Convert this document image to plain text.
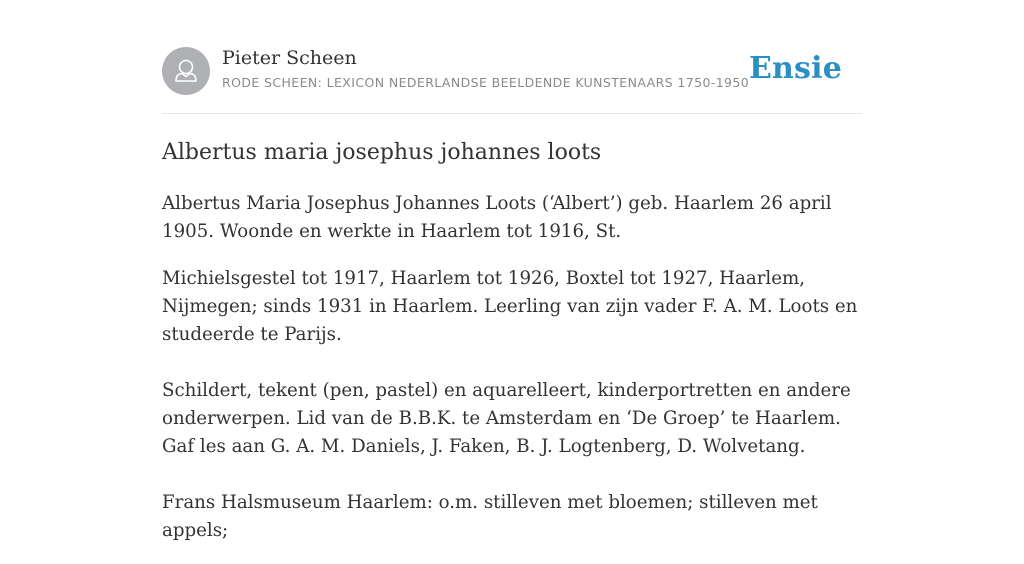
Pieter Scheen
RODE SCHEEN: LEXICON NEDERLANDSE BEELDENDE KUNSTENAARS 1750-1950 Ensie
Albertus maria josephus johannes loots

Albertus Maria Josephus Johannes Loots (‘Albert’) geb. Haarlem 26 april 1905. Woonde en werkte in Haarlem tot 1916, St.

Michielsgestel tot 1917, Haarlem tot 1926, Boxtel tot 1927, Haarlem, Nijmegen; sinds 1931 in Haarlem. Leerling van zijn vader F. A. M. Loots en studeerde te Parijs.

Schildert, tekent (pen, pastel) en aquarelleert, kinderportretten en andere onderwerpen. Lid van de B.B.K. te Amsterdam en ‘De Groep’ te Haarlem. Gaf les aan G. A. M. Daniels, J. Faken, B. J. Logtenberg, D. Wolvetang.

Frans Halsmuseum Haarlem: o.m. stilleven met bloemen; stilleven met appels;
